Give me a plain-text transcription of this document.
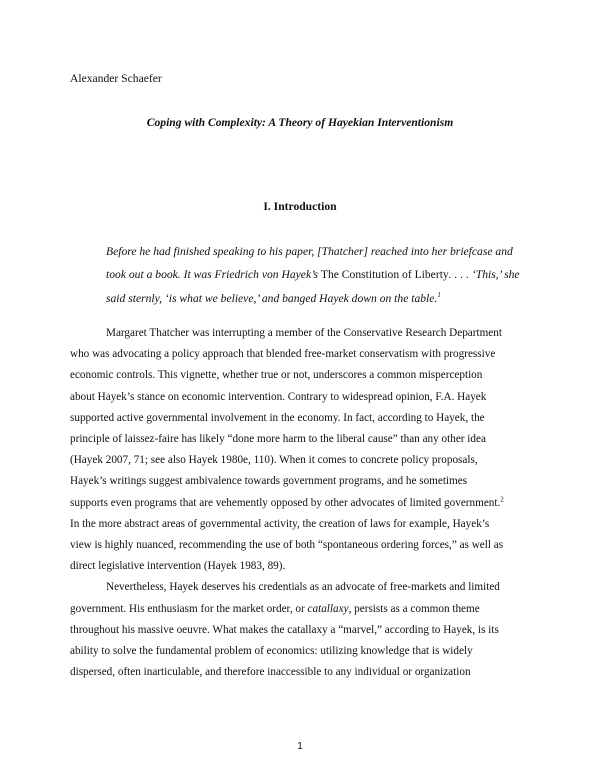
Alexander Schaefer
Coping with Complexity: A Theory of Hayekian Interventionism
I. Introduction
Before he had finished speaking to his paper, [Thatcher] reached into her briefcase and
took out a book. It was Friedrich von Hayek’s The Constitution of Liberty. . . . ‘This,’ she
said sternly, ‘is what we believe,’ and banged Hayek down on the table.$^1$
Margaret Thatcher was interrupting a member of the Conservative Research Department
who was advocating a policy approach that blended free-market conservatism with progressive
economic controls. This vignette, whether true or not, underscores a common misperception
about Hayek’s stance on economic intervention. Contrary to widespread opinion, F.A. Hayek
supported active governmental involvement in the economy. In fact, according to Hayek, the
principle of laissez-faire has likely “done more harm to the liberal cause” than any other idea
(Hayek 2007, 71; see also Hayek 1980e, 110). When it comes to concrete policy proposals,
Hayek’s writings suggest ambivalence towards government programs, and he sometimes
supports even programs that are vehemently opposed by other advocates of limited government.$^2$
In the more abstract areas of governmental activity, the creation of laws for example, Hayek’s
view is highly nuanced, recommending the use of both “spontaneous ordering forces,” as well as
direct legislative intervention (Hayek 1983, 89).
Nevertheless, Hayek deserves his credentials as an advocate of free-markets and limited
government. His enthusiasm for the market order, or catallaxy, persists as a common theme
throughout his massive oeuvre. What makes the catallaxy a “marvel,” according to Hayek, is its
ability to solve the fundamental problem of economics: utilizing knowledge that is widely
dispersed, often inarticulable, and therefore inaccessible to any individual or organization
1
